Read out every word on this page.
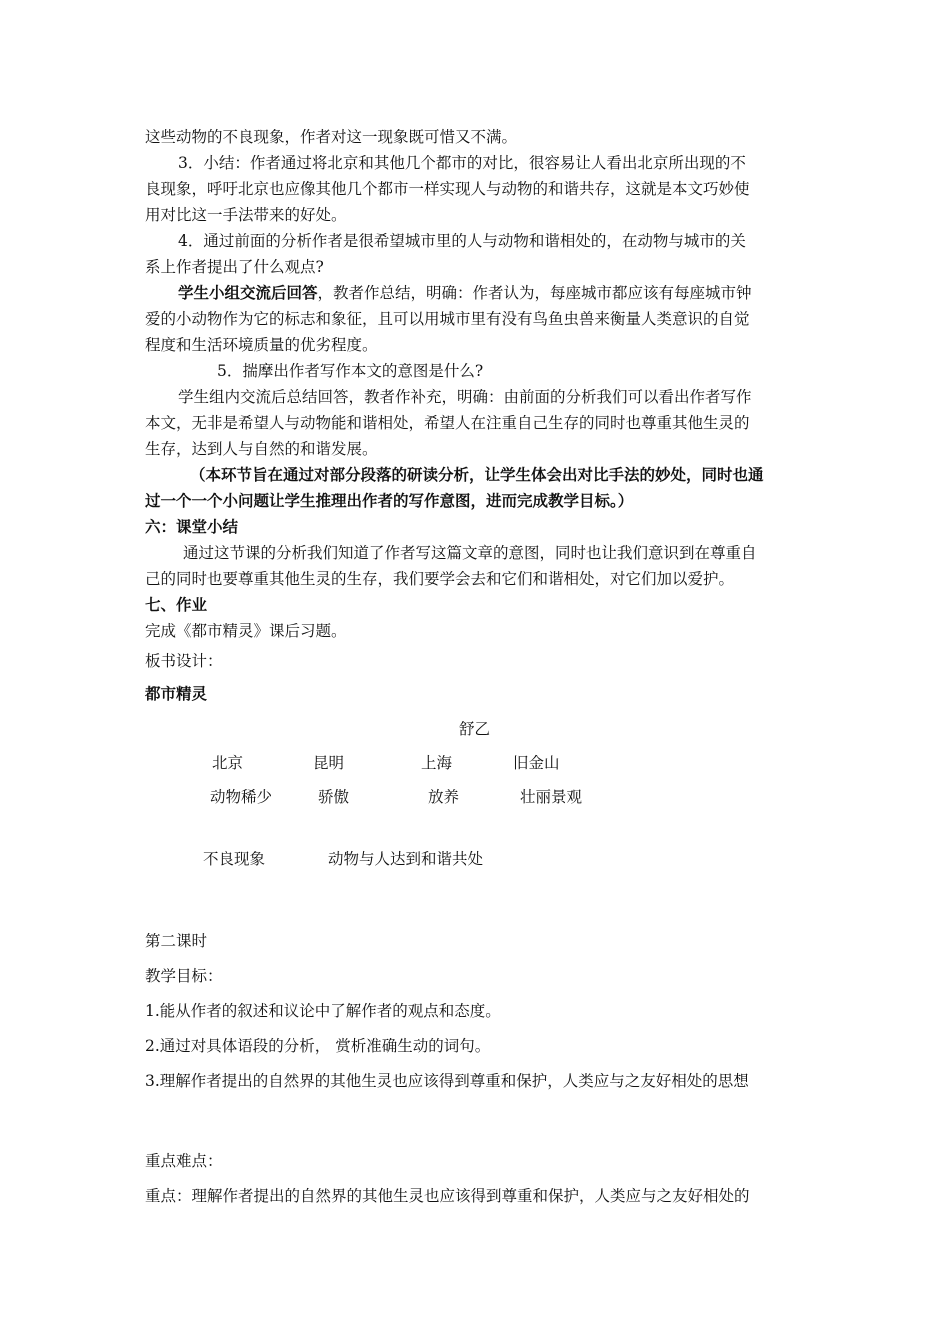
这些动物的不良现象，作者对这一现象既可惜又不满。
3．小结：作者通过将北京和其他几个都市的对比，很容易让人看出北京所出现的不
良现象，呼吁北京也应像其他几个都市一样实现人与动物的和谐共存，这就是本文巧妙使
用对比这一手法带来的好处。
4．通过前面的分析作者是很希望城市里的人与动物和谐相处的，在动物与城市的关
系上作者提出了什么观点?
学生小组交流后回答，教者作总结，明确：作者认为，每座城市都应该有每座城市钟
爱的小动物作为它的标志和象征，且可以用城市里有没有鸟鱼虫兽来衡量人类意识的自觉
程度和生活环境质量的优劣程度。
5．揣摩出作者写作本文的意图是什么?
学生组内交流后总结回答，教者作补充，明确：由前面的分析我们可以看出作者写作
本文，无非是希望人与动物能和谐相处，希望人在注重自己生存的同时也尊重其他生灵的
生存，达到人与自然的和谐发展。
（本环节旨在通过对部分段落的研读分析，让学生体会出对比手法的妙处，同时也通
过一个一个小问题让学生推理出作者的写作意图，进而完成教学目标。）
六：课堂小结
通过这节课的分析我们知道了作者写这篇文章的意图，同时也让我们意识到在尊重自
己的同时也要尊重其他生灵的生存，我们要学会去和它们和谐相处，对它们加以爱护。
七、作业
完成《都市精灵》课后习题。
板书设计：
都市精灵
舒乙
北京	昆明	上海	旧金山
动物稀少	骄傲	放养	壮丽景观
不良现象	动物与人达到和谐共处
第二课时
教学目标：
1.能从作者的叙述和议论中了解作者的观点和态度。
2.通过对具体语段的分析， 赏析准确生动的词句。
3.理解作者提出的自然界的其他生灵也应该得到尊重和保护，人类应与之友好相处的思想
重点难点：
重点：理解作者提出的自然界的其他生灵也应该得到尊重和保护，人类应与之友好相处的
